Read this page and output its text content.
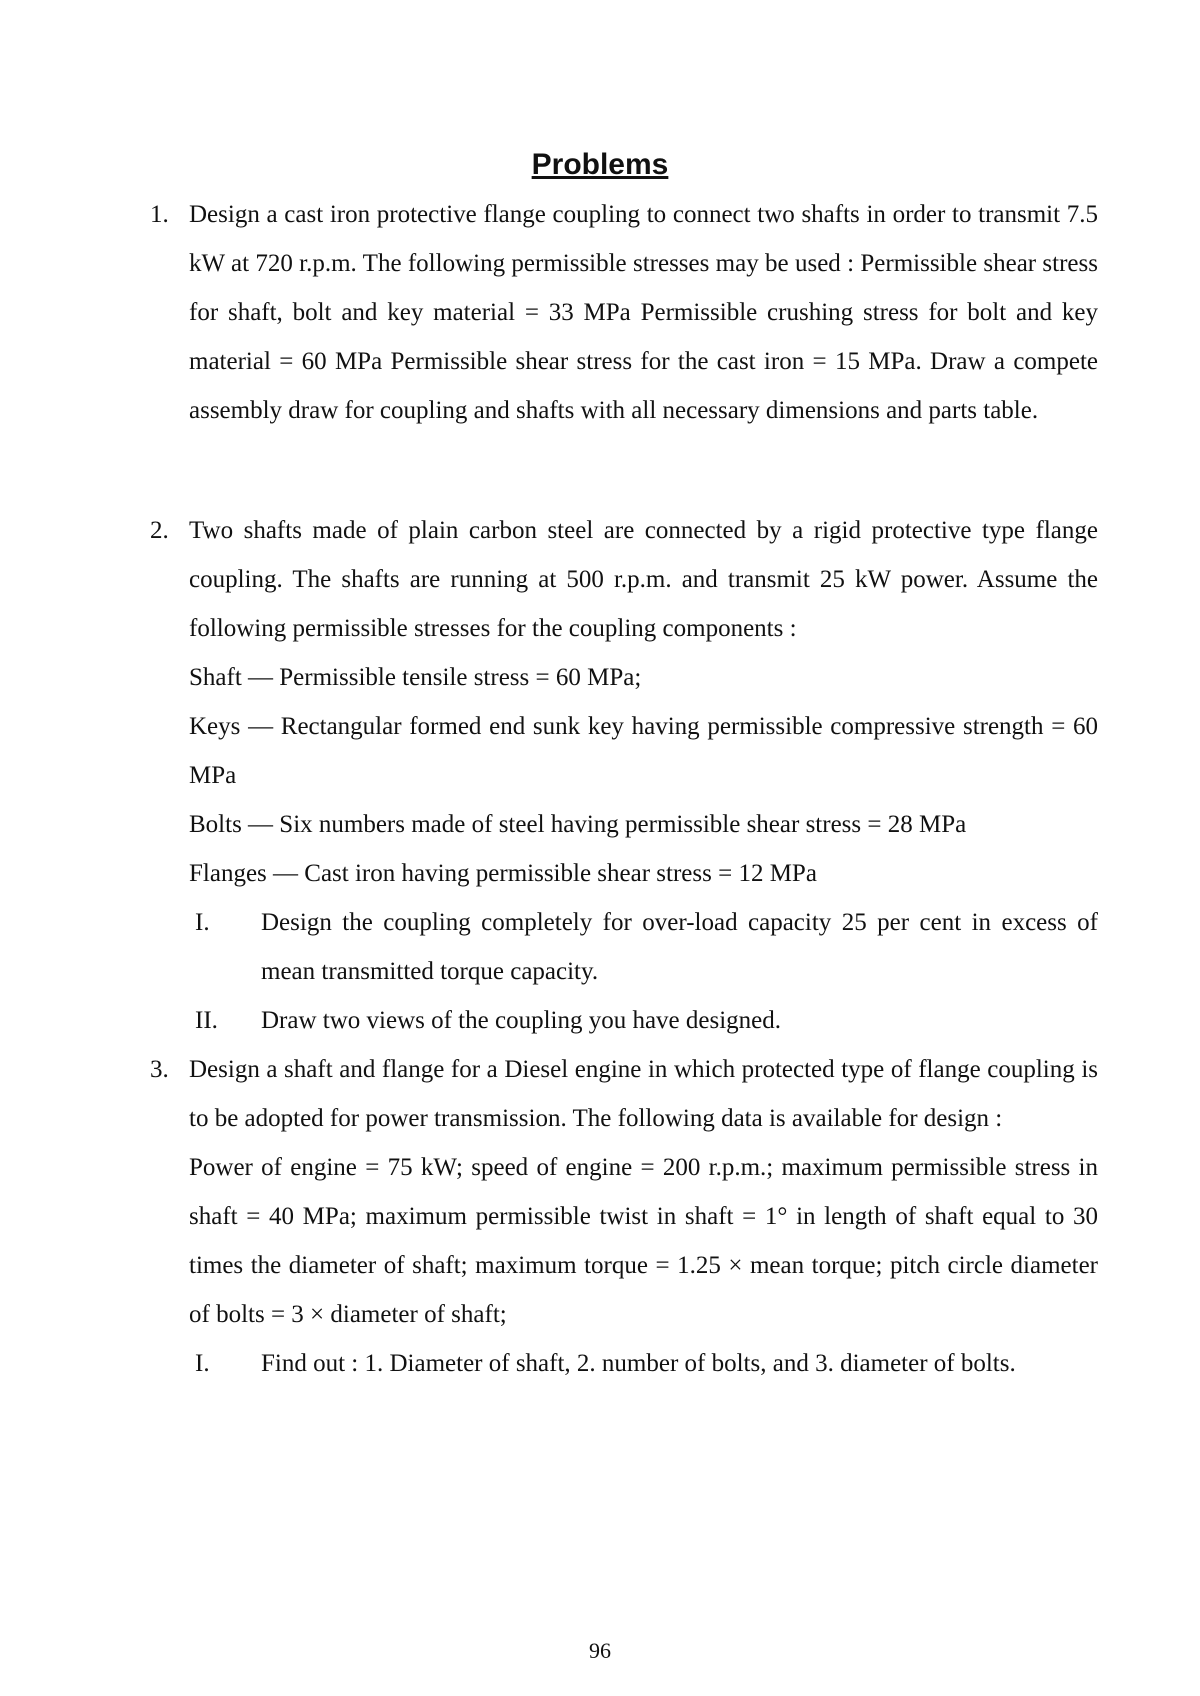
Problems
1. Design a cast iron protective flange coupling to connect two shafts in order to transmit 7.5 kW at 720 r.p.m. The following permissible stresses may be used : Permissible shear stress for shaft, bolt and key material = 33 MPa Permissible crushing stress for bolt and key material = 60 MPa Permissible shear stress for the cast iron = 15 MPa. Draw a compete assembly draw for coupling and shafts with all necessary dimensions and parts table.

2. Two shafts made of plain carbon steel are connected by a rigid protective type flange coupling. The shafts are running at 500 r.p.m. and transmit 25 kW power. Assume the following permissible stresses for the coupling components :

Shaft — Permissible tensile stress = 60 MPa;

Keys — Rectangular formed end sunk key having permissible compressive strength = 60 MPa

Bolts — Six numbers made of steel having permissible shear stress = 28 MPa

Flanges — Cast iron having permissible shear stress = 12 MPa

I.	Design the coupling completely for over-load capacity 25 per cent in excess of mean transmitted torque capacity.

II.	Draw two views of the coupling you have designed.

3. Design a shaft and flange for a Diesel engine in which protected type of flange coupling is to be adopted for power transmission. The following data is available for design :

Power of engine = 75 kW; speed of engine = 200 r.p.m.; maximum permissible stress in shaft = 40 MPa; maximum permissible twist in shaft = 1° in length of shaft equal to 30 times the diameter of shaft; maximum torque = 1.25 × mean torque; pitch circle diameter of bolts = 3 × diameter of shaft;

I.	Find out : 1. Diameter of shaft, 2. number of bolts, and 3. diameter of bolts.

96
